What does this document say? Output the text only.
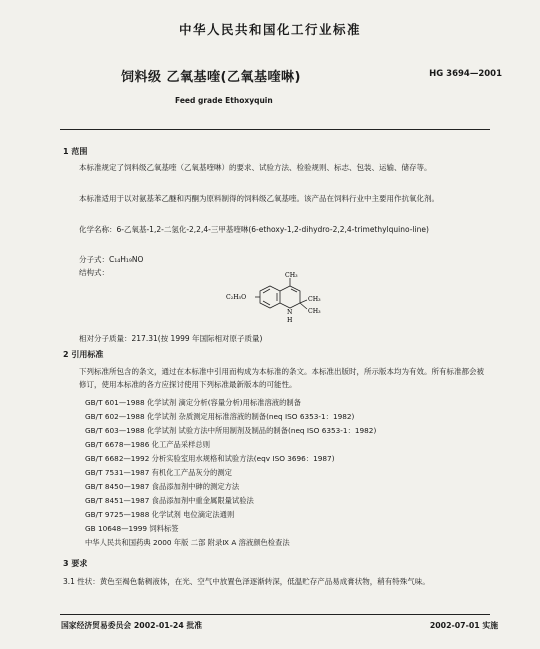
中华人民共和国化工行业标准
饲料级 乙氧基喹(乙氧基喹啉)	HG 3694—2001
Feed grade Ethoxyquin
1 范围
本标准规定了饲料级乙氧基喹（乙氧基喹啉）的要求、试验方法、检验规则、标志、包装、运输、储存等。
本标准适用于以对氨基苯乙醚和丙酮为原料制得的饲料级乙氧基喹。该产品在饲料行业中主要用作抗氧化剂。
化学名称：6-乙氧基-1,2-二氢化-2,2,4-三甲基喹啉(6-ethoxy-1,2-dihydro-2,2,4-trimethylquino-line)
分子式：C₁₄H₁₉NO
结构式：
C₂H₅O
CH₃
CH₃
CH₃
N
H
相对分子质量：217.31(按 1999 年国际相对原子质量)
2 引用标准
下列标准所包含的条文，通过在本标准中引用而构成为本标准的条文。本标准出版时，所示版本均为有效。所有标准都会被修订，使用本标准的各方应探讨使用下列标准最新版本的可能性。
GB/T 601—1988 化学试剂 滴定分析(容量分析)用标准溶液的制备
GB/T 602—1988 化学试剂 杂质测定用标准溶液的制备(neq ISO 6353-1：1982)
GB/T 603—1988 化学试剂 试验方法中所用制剂及制品的制备(neq ISO 6353-1：1982)
GB/T 6678—1986 化工产品采样总则
GB/T 6682—1992 分析实验室用水规格和试验方法(eqv ISO 3696：1987)
GB/T 7531—1987 有机化工产品灰分的测定
GB/T 8450—1987 食品添加剂中砷的测定方法
GB/T 8451—1987 食品添加剂中重金属限量试验法
GB/T 9725—1988 化学试剂 电位滴定法通则
GB 10648—1999 饲料标签
中华人民共和国药典 2000 年版 二部 附录Ⅸ A 溶液颜色检查法
3 要求
3.1 性状：黄色至褐色黏稠液体，在光、空气中放置色泽逐渐转深，低温贮存产品易成膏状物，稍有特殊气味。
国家经济贸易委员会 2002-01-24 批准	2002-07-01 实施
